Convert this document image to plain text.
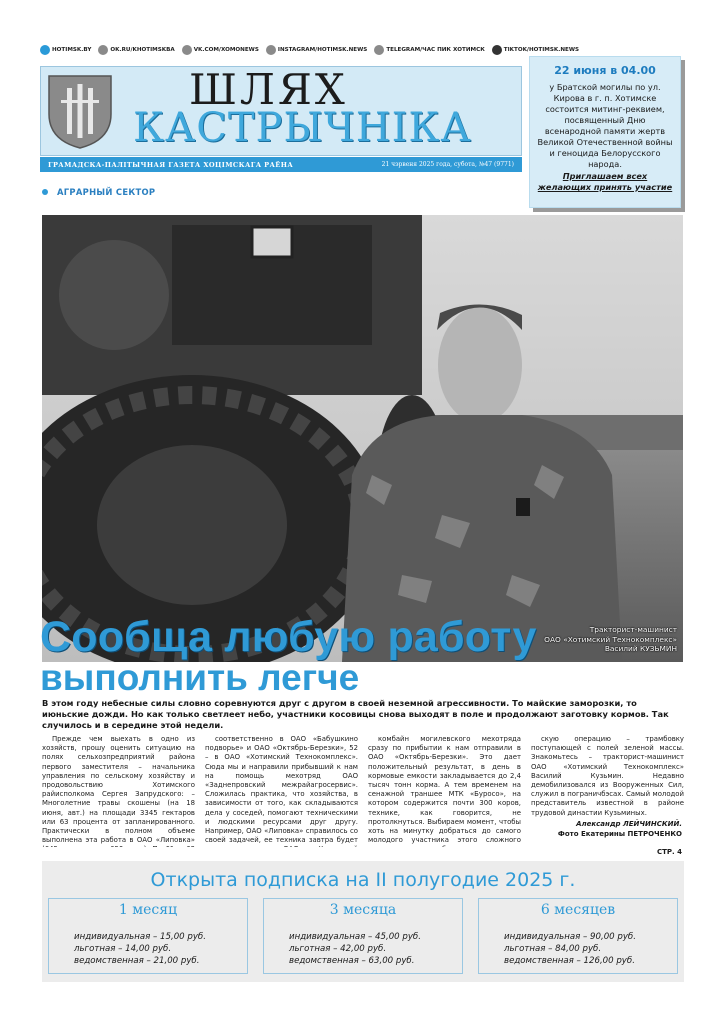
HOTIMSK.BY	OK.RU/KHOTIMSKBA	VK.COM/XOMONEWS	INSTAGRAM/HOTIMSK.NEWS	TELEGRAM/ЧАС ПИК ХОТИМСК	TIKTOK/HOTIMSK.NEWS
ШЛЯХ
КАСТРЫЧНІКА
ГРАМАДСКА-ПАЛІТЫЧНАЯ ГАЗЕТА ХОЦІМСКАГА РАЁНА	21 чэрвеня 2025 года, субота, №47 (9771)
22 июня в 04.00
у Братской могилы по ул. Кирова в г. п. Хотимске состоится митинг-реквием, посвященный Дню всенародной памяти жертв Великой Отечественной войны и геноцида Белорусского народа.
Приглашаем всех желающих принять участие
АГРАРНЫЙ СЕКТОР
Тракторист-машинист
ОАО «Хотимский Технокомплекс»
Василий КУЗЬМИН
Сообща любую работу
выполнить легче
В этом году небесные силы словно соревнуются друг с другом в своей неземной агрессивности. То майские заморозки, то июньские дожди. Но как только светлеет небо, участники косовицы снова выходят в поле и продолжают заготовку кормов. Так случилось и в середине этой недели.

Прежде чем выехать в одно из хозяйств, прошу оценить ситуацию на полях сельхозпредприятий района первого заместителя – начальника управления по сельскому хозяйству и продовольствию Хотимского райисполкома Сергея Запрудского: – Многолетние травы скошены (на 18 июня, авт.) на площади 3345 гектаров или 63 процента от запланированного. Практически в полном объеме выполнена эта работа в ОАО «Липовка»

соответственно в ОАО «Бабушкино подворье» и ОАО «Октябрь-Березки», 52 – в ОАО «Хотимский Технокомплекс». Сюда мы и направили прибывший к нам на помощь мехотряд ОАО «Заднепровский межрайагросервис». Сложилась практика, что хозяйства, в зависимости от того, как складываются дела у соседей, помогают техническими и людскими ресурсами друг другу. Например, ОАО «Липовка» справилось со своей задачей, ее техника завтра будет

комбайн могилевского мехотряда сразу по прибытии к нам отправили в ОАО «Октябрь-Березки». Это дает положительный результат, в день в кормовые емкости закладывается до 2,4 тысяч тонн корма. А тем временем на сенажной траншее МТК «Буросо», на котором содержится почти 300 коров, технике, как говорится, не протолкнуться. Выбираем момент, чтобы хоть на минутку добраться до самого молодого участника этого сложного

скую операцию – трамбовку поступающей с полей зеленой массы. Знакомьтесь – тракторист-машинист ОАО «Хотимский Технокомплекс» Василий Кузьмин. Недавно демобилизовался из Вооруженных Сил, служил в пограничбэсах. Самый молодой представитель известной в районе трудовой династии Кузьминых.

Александр ЛЕЙЧИНСКИЙ.
Фото Екатерины ПЕТРОЧЕНКО
СТР. 4
Открыта подписка на II полугодие 2025 г.
1 месяц
индивидуальная – 15,00 руб.
льготная – 14,00 руб.
ведомственная – 21,00 руб.
3 месяца
индивидуальная – 45,00 руб.
льготная – 42,00 руб.
ведомственная – 63,00 руб.
6 месяцев
индивидуальная – 90,00 руб.
льготная – 84,00 руб.
ведомственная – 126,00 руб.
